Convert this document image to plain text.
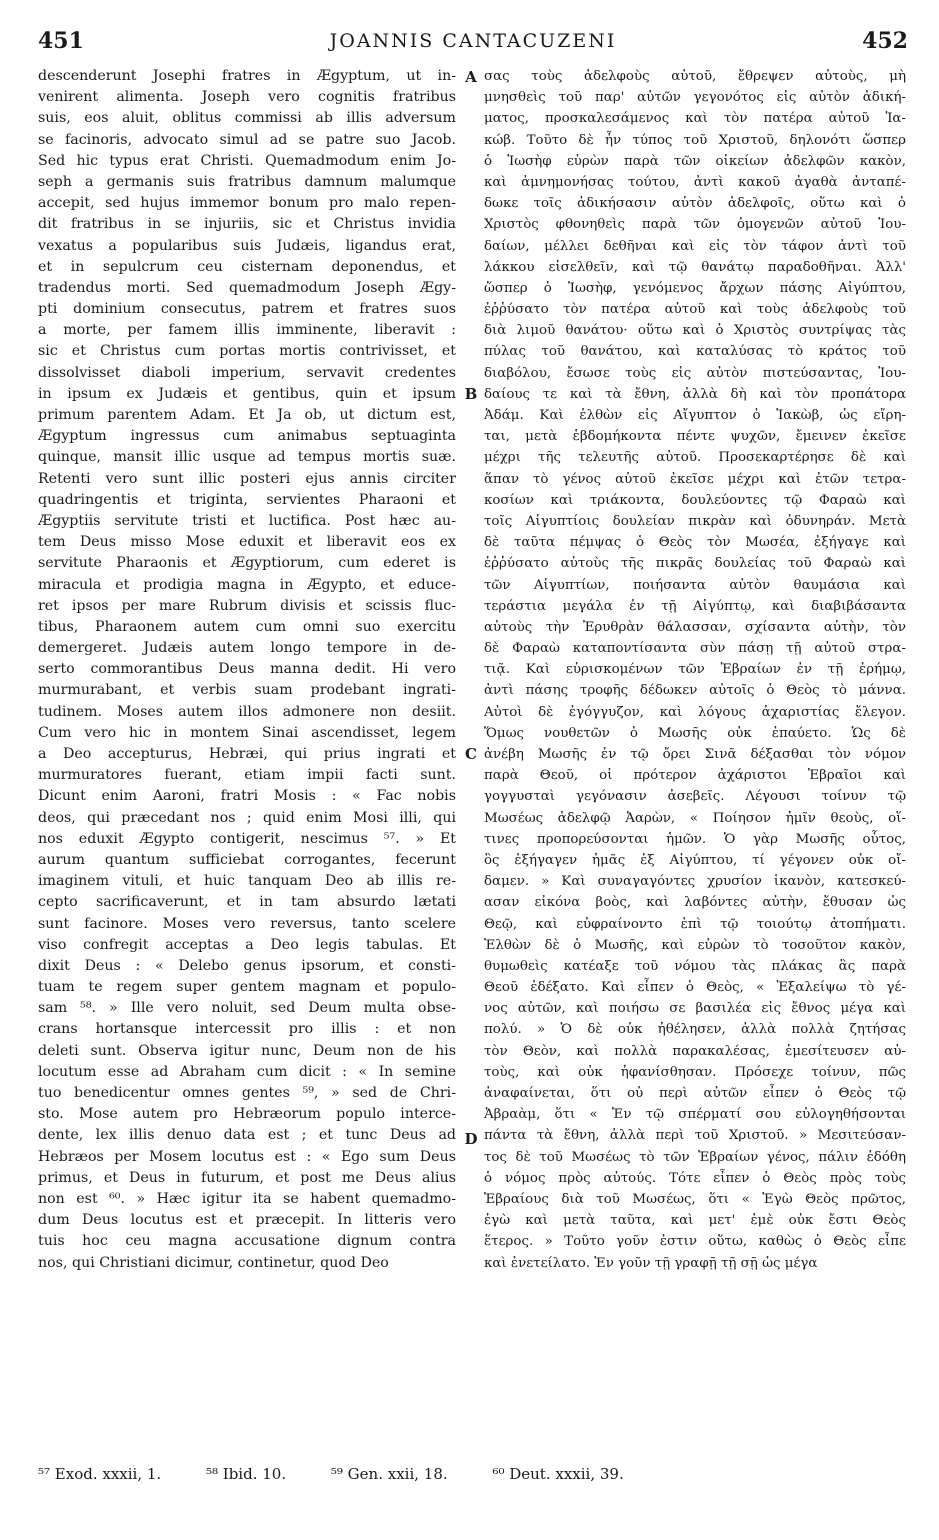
451	JOANNIS CANTACUZENI	452
descenderunt Josephi fratres in Ægyptum, ut in-
venirent alimenta. Joseph vero cognitis fratribus
suis, eos aluit, oblitus commissi ab illis adversum
se facinoris, advocato simul ad se patre suo Jacob.
Sed hic typus erat Christi. Quemadmodum enim Jo-
seph a germanis suis fratribus damnum malumque
accepit, sed hujus immemor bonum pro malo repen-
dit fratribus in se injuriis, sic et Christus invidia
vexatus a popularibus suis Judæis, ligandus erat,
et in sepulcrum ceu cisternam deponendus, et
tradendus morti. Sed quemadmodum Joseph Ægy-
pti dominium consecutus, patrem et fratres suos
a morte, per famem illis imminente, liberavit :
sic et Christus cum portas mortis contrivisset, et
dissolvisset diaboli imperium, servavit credentes
in ipsum ex Judæis et gentibus, quin et ipsum
primum parentem Adam. Et Ja ob, ut dictum est,
Ægyptum ingressus cum animabus septuaginta
quinque, mansit illic usque ad tempus mortis suæ.
Retenti vero sunt illic posteri ejus annis circiter
quadringentis et triginta, servientes Pharaoni et
Ægyptiis servitute tristi et luctifica. Post hæc au-
tem Deus misso Mose eduxit et liberavit eos ex
servitute Pharaonis et Ægyptiorum, cum ederet is
miracula et prodigia magna in Ægypto, et educe-
ret ipsos per mare Rubrum divisis et scissis fluc-
tibus, Pharaonem autem cum omni suo exercitu
demergeret. Judæis autem longo tempore in de-
serto commorantibus Deus manna dedit. Hi vero
murmurabant, et verbis suam prodebant ingrati-
tudinem. Moses autem illos admonere non desiit.
Cum vero hic in montem Sinai ascendisset, legem
a Deo accepturus, Hebræi, qui prius ingrati et
murmuratores fuerant, etiam impii facti sunt.
Dicunt enim Aaroni, fratri Mosis : « Fac nobis
deos, qui præcedant nos ; quid enim Mosi illi, qui
nos eduxit Ægypto contigerit, nescimus ⁵⁷. » Et
aurum quantum sufficiebat corrogantes, fecerunt
imaginem vituli, et huic tanquam Deo ab illis re-
cepto sacrificaverunt, et in tam absurdo lætati
sunt facinore. Moses vero reversus, tanto scelere
viso confregit acceptas a Deo legis tabulas. Et
dixit Deus : « Delebo genus ipsorum, et consti-
tuam te regem super gentem magnam et populo-
sam ⁵⁸. » Ille vero noluit, sed Deum multa obse-
crans hortansque intercessit pro illis : et non
deleti sunt. Observa igitur nunc, Deum non de his
locutum esse ad Abraham cum dicit : « In semine
tuo benedicentur omnes gentes ⁵⁹, » sed de Chri-
sto. Mose autem pro Hebræorum populo interce-
dente, lex illis denuo data est ; et tunc Deus ad
Hebræos per Mosem locutus est : « Ego sum Deus
primus, et Deus in futurum, et post me Deus alius
non est ⁶⁰. » Hæc igitur ita se habent quemadmo-
dum Deus locutus est et præcepit. In litteris vero
tuis hoc ceu magna accusatione dignum contra
nos, qui Christiani dicimur, continetur, quod Deo
σας τοὺς ἀδελφοὺς αὐτοῦ, ἔθρεψεν αὐτοὺς, μὴ
μνησθεὶς τοῦ παρ' αὐτῶν γεγονότος εἰς αὐτὸν ἀδική-
ματος, προσκαλεσάμενος καὶ τὸν πατέρα αὐτοῦ Ἰα-
κώβ. Τοῦτο δὲ ἦν τύπος τοῦ Χριστοῦ, δηλονότι ὥσπερ
ὁ Ἰωσὴφ εὑρὼν παρὰ τῶν οἰκείων ἀδελφῶν κακὸν,
καὶ ἀμνημονήσας τούτου, ἀντὶ κακοῦ ἀγαθὰ ἀνταπέ-
δωκε τοῖς ἀδικήσασιν αὐτὸν ἀδελφοῖς, οὕτω καὶ ὁ
Χριστὸς φθονηθεὶς παρὰ τῶν ὁμογενῶν αὐτοῦ Ἰου-
δαίων, μέλλει δεθῆναι καὶ εἰς τὸν τάφον ἀντὶ τοῦ
λάκκου εἰσελθεῖν, καὶ τῷ θανάτῳ παραδοθῆναι. Ἀλλ'
ὥσπερ ὁ Ἰωσὴφ, γενόμενος ἄρχων πάσης Αἰγύπτου,
ἐῤῥύσατο τὸν πατέρα αὐτοῦ καὶ τοὺς ἀδελφοὺς τοῦ
διὰ λιμοῦ θανάτου· οὕτω καὶ ὁ Χριστὸς συντρίψας τὰς
πύλας τοῦ θανάτου, καὶ καταλύσας τὸ κράτος τοῦ
διαβόλου, ἔσωσε τοὺς εἰς αὐτὸν πιστεύσαντας, Ἰου-
δαίους τε καὶ τὰ ἔθνη, ἀλλὰ δὴ καὶ τὸν προπάτορα
Ἀδάμ. Καὶ ἐλθὼν εἰς Αἴγυπτον ὁ Ἰακὼβ, ὡς εἴρη-
ται, μετὰ ἑβδομήκοντα πέντε ψυχῶν, ἔμεινεν ἐκεῖσε
μέχρι τῆς τελευτῆς αὐτοῦ. Προσεκαρτέρησε δὲ καὶ
ἅπαν τὸ γένος αὐτοῦ ἐκεῖσε μέχρι καὶ ἐτῶν τετρα-
κοσίων καὶ τριάκοντα, δουλεύοντες τῷ Φαραὼ καὶ
τοῖς Αἰγυπτίοις δουλείαν πικρὰν καὶ ὀδυνηράν. Μετὰ
δὲ ταῦτα πέμψας ὁ Θεὸς τὸν Μωσέα, ἐξήγαγε καὶ
ἐῤῥύσατο αὐτοὺς τῆς πικρᾶς δουλείας τοῦ Φαραὼ καὶ
τῶν Αἰγυπτίων, ποιήσαντα αὐτὸν θαυμάσια καὶ
τεράστια μεγάλα ἐν τῇ Αἰγύπτῳ, καὶ διαβιβάσαντα
αὐτοὺς τὴν Ἐρυθρὰν θάλασσαν, σχίσαντα αὐτὴν, τὸν
δὲ Φαραὼ καταποντίσαντα σὺν πάσῃ τῇ αὐτοῦ στρα-
τιᾷ. Καὶ εὑρισκομένων τῶν Ἑβραίων ἐν τῇ ἐρήμῳ,
ἀντὶ πάσης τροφῆς δέδωκεν αὐτοῖς ὁ Θεὸς τὸ μάννα.
Αὐτοὶ δὲ ἐγόγγυζον, καὶ λόγους ἀχαριστίας ἔλεγον.
Ὅμως νουθετῶν ὁ Μωσῆς οὐκ ἐπαύετο. Ὡς δὲ
ἀνέβη Μωσῆς ἐν τῷ ὄρει Σινᾶ δέξασθαι τὸν νόμον
παρὰ Θεοῦ, οἱ πρότερον ἀχάριστοι Ἑβραῖοι καὶ
γογγυσταὶ γεγόνασιν ἀσεβεῖς. Λέγουσι τοίνυν τῷ
Μωσέως ἀδελφῷ Ἀαρὼν, « Ποίησον ἡμῖν θεοὺς, οἵ-
τινες προπορεύσονται ἡμῶν. Ὁ γὰρ Μωσῆς οὗτος,
ὃς ἐξήγαγεν ἡμᾶς ἐξ Αἰγύπτου, τί γέγονεν οὐκ οἴ-
δαμεν. » Καὶ συναγαγόντες χρυσίον ἱκανὸν, κατεσκεύ-
ασαν εἰκόνα βοὸς, καὶ λαβόντες αὐτὴν, ἔθυσαν ὡς
Θεῷ, καὶ εὐφραίνοντο ἐπὶ τῷ τοιούτῳ ἀτοπήματι.
Ἐλθὼν δὲ ὁ Μωσῆς, καὶ εὑρὼν τὸ τοσοῦτον κακὸν,
θυμωθεὶς κατέαξε τοῦ νόμου τὰς πλάκας ἃς παρὰ
Θεοῦ ἐδέξατο. Καὶ εἶπεν ὁ Θεὸς, « Ἐξαλείψω τὸ γέ-
νος αὐτῶν, καὶ ποιήσω σε βασιλέα εἰς ἔθνος μέγα καὶ
πολύ. » Ὁ δὲ οὐκ ἠθέλησεν, ἀλλὰ πολλὰ ζητήσας
τὸν Θεὸν, καὶ πολλὰ παρακαλέσας, ἐμεσίτευσεν αὐ-
τοὺς, καὶ οὐκ ἠφανίσθησαν. Πρόσεχε τοίνυν, πῶς
ἀναφαίνεται, ὅτι οὐ περὶ αὐτῶν εἶπεν ὁ Θεὸς τῷ
Ἀβραὰμ, ὅτι « Ἐν τῷ σπέρματί σου εὐλογηθήσονται
πάντα τὰ ἔθνη, ἀλλὰ περὶ τοῦ Χριστοῦ. » Μεσιτεύσαν-
τος δὲ τοῦ Μωσέως τὸ τῶν Ἑβραίων γένος, πάλιν ἐδόθη
ὁ νόμος πρὸς αὐτούς. Τότε εἶπεν ὁ Θεὸς πρὸς τοὺς
Ἑβραίους διὰ τοῦ Μωσέως, ὅτι « Ἐγὼ Θεὸς πρῶτος,
ἐγὼ καὶ μετὰ ταῦτα, καὶ μετ' ἐμὲ οὐκ ἔστι Θεὸς
ἕτερος. » Τοῦτο γοῦν ἐστιν οὕτω, καθὼς ὁ Θεὸς εἶπε
καὶ ἐνετείλατο. Ἐν γοῦν τῇ γραφῇ τῇ σῇ ὡς μέγα
A
B
C
D
⁵⁷ Exod. xxxii, 1.	⁵⁸ Ibid. 10.	⁵⁹ Gen. xxii, 18.	⁶⁰ Deut. xxxii, 39.
